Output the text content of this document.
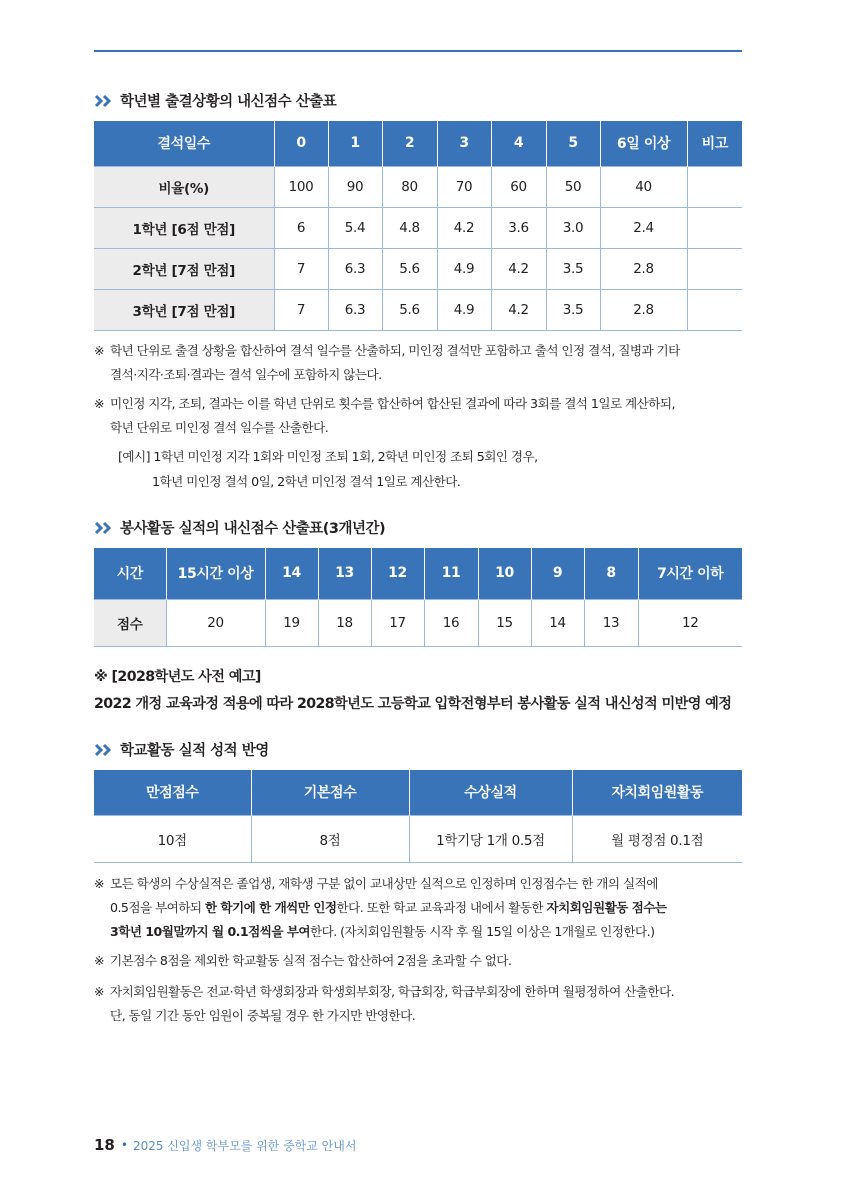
학년별 출결상황의 내신점수 산출표
결석일수	0	1	2	3	4	5	6일 이상	비고
비율(%)	100	90	80	70	60	50	40	
1학년 [6점 만점]	6	5.4	4.8	4.2	3.6	3.0	2.4	
2학년 [7점 만점]	7	6.3	5.6	4.9	4.2	3.5	2.8	
3학년 [7점 만점]	7	6.3	5.6	4.9	4.2	3.5	2.8	
※ 학년 단위로 출결 상황을 합산하여 결석 일수를 산출하되, 미인정 결석만 포함하고 출석 인정 결석, 질병과 기타
결석·지각·조퇴·결과는 결석 일수에 포함하지 않는다.
※ 미인정 지각, 조퇴, 결과는 이를 학년 단위로 횟수를 합산하여 합산된 결과에 따라 3회를 결석 1일로 계산하되,
학년 단위로 미인정 결석 일수를 산출한다.
[예시] 1학년 미인정 지각 1회와 미인정 조퇴 1회, 2학년 미인정 조퇴 5회인 경우,
1학년 미인정 결석 0일, 2학년 미인정 결석 1일로 계산한다.
봉사활동 실적의 내신점수 산출표(3개년간)
시간	15시간 이상	14	13	12	11	10	9	8	7시간 이하
점수	20	19	18	17	16	15	14	13	12
※ [2028학년도 사전 예고]
2022 개정 교육과정 적용에 따라 2028학년도 고등학교 입학전형부터 봉사활동 실적 내신성적 미반영 예정
학교활동 실적 성적 반영
만점점수	기본점수	수상실적	자치회임원활동
10점	8점	1학기당 1개 0.5점	월 평정점 0.1점
※ 모든 학생의 수상실적은 졸업생, 재학생 구분 없이 교내상만 실적으로 인정하며 인정점수는 한 개의 실적에
0.5점을 부여하되 한 학기에 한 개씩만 인정한다. 또한 학교 교육과정 내에서 활동한 자치회임원활동 점수는
3학년 10월말까지 월 0.1점씩을 부여한다. (자치회임원활동 시작 후 월 15일 이상은 1개월로 인정한다.)
※ 기본점수 8점을 제외한 학교활동 실적 점수는 합산하여 2점을 초과할 수 없다.
※ 자치회임원활동은 전교·학년 학생회장과 학생회부회장, 학급회장, 학급부회장에 한하며 월평정하여 산출한다.
단, 동일 기간 동안 임원이 중복될 경우 한 가지만 반영한다.
18 • 2025 신입생 학부모를 위한 중학교 안내서
